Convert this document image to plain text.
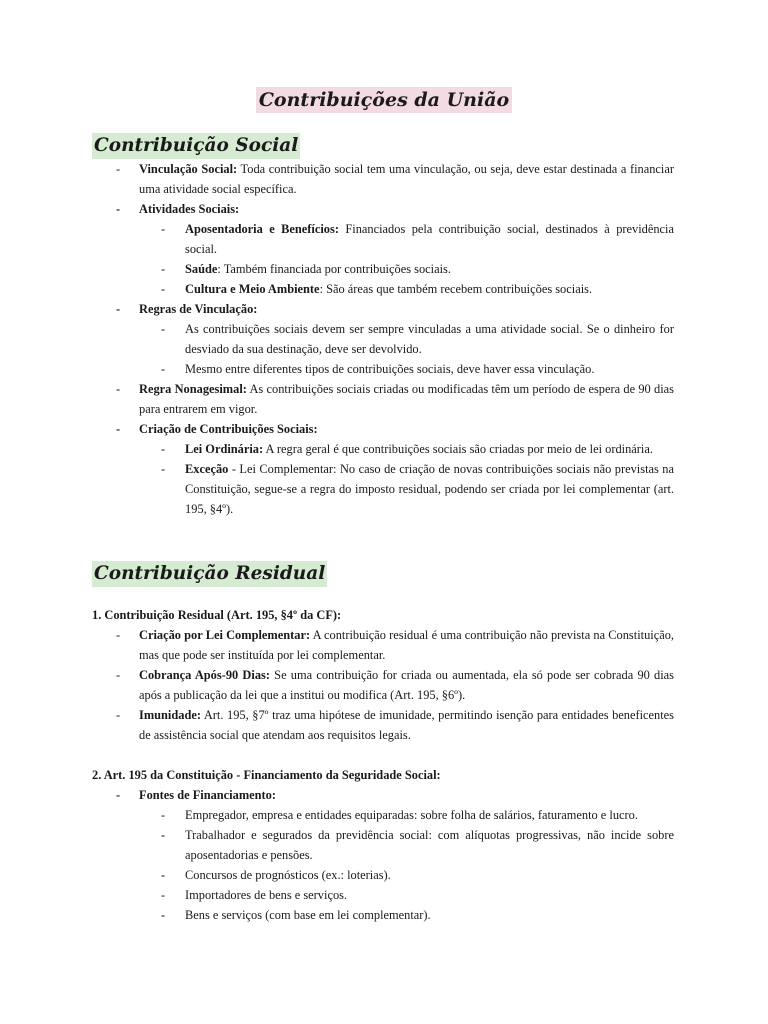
Contribuições da União
Contribuição Social
- Vinculação Social: Toda contribuição social tem uma vinculação, ou seja, deve estar destinada a financiar uma atividade social específica.
- Atividades Sociais:
- Aposentadoria e Benefícios: Financiados pela contribuição social, destinados à previdência social.
- Saúde: Também financiada por contribuições sociais.
- Cultura e Meio Ambiente: São áreas que também recebem contribuições sociais.
- Regras de Vinculação:
- As contribuições sociais devem ser sempre vinculadas a uma atividade social. Se o dinheiro for desviado da sua destinação, deve ser devolvido.
- Mesmo entre diferentes tipos de contribuições sociais, deve haver essa vinculação.
- Regra Nonagesimal: As contribuições sociais criadas ou modificadas têm um período de espera de 90 dias para entrarem em vigor.
- Criação de Contribuições Sociais:
- Lei Ordinária: A regra geral é que contribuições sociais são criadas por meio de lei ordinária.
- Exceção - Lei Complementar: No caso de criação de novas contribuições sociais não previstas na Constituição, segue-se a regra do imposto residual, podendo ser criada por lei complementar (art. 195, §4º).
Contribuição Residual
1. Contribuição Residual (Art. 195, §4º da CF):
- Criação por Lei Complementar: A contribuição residual é uma contribuição não prevista na Constituição, mas que pode ser instituída por lei complementar.
- Cobrança Após-90 Dias: Se uma contribuição for criada ou aumentada, ela só pode ser cobrada 90 dias após a publicação da lei que a institui ou modifica (Art. 195, §6º).
- Imunidade: Art. 195, §7º traz uma hipótese de imunidade, permitindo isenção para entidades beneficentes de assistência social que atendam aos requisitos legais.
2. Art. 195 da Constituição - Financiamento da Seguridade Social:
- Fontes de Financiamento:
- Empregador, empresa e entidades equiparadas: sobre folha de salários, faturamento e lucro.
- Trabalhador e segurados da previdência social: com alíquotas progressivas, não incide sobre aposentadorias e pensões.
- Concursos de prognósticos (ex.: loterias).
- Importadores de bens e serviços.
- Bens e serviços (com base em lei complementar).
